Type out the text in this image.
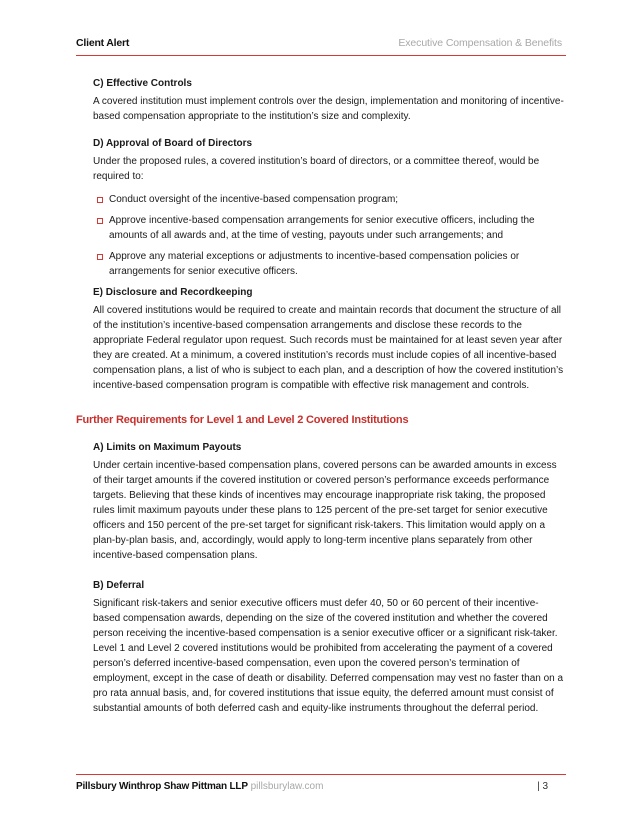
Client Alert	Executive Compensation & Benefits
C) Effective Controls

A covered institution must implement controls over the design, implementation and monitoring of incentive-based compensation appropriate to the institution’s size and complexity.

D) Approval of Board of Directors

Under the proposed rules, a covered institution’s board of directors, or a committee thereof, would be required to:

Conduct oversight of the incentive-based compensation program;
Approve incentive-based compensation arrangements for senior executive officers, including the amounts of all awards and, at the time of vesting, payouts under such arrangements; and
Approve any material exceptions or adjustments to incentive-based compensation policies or arrangements for senior executive officers.
E) Disclosure and Recordkeeping

All covered institutions would be required to create and maintain records that document the structure of all of the institution’s incentive-based compensation arrangements and disclose these records to the appropriate Federal regulator upon request. Such records must be maintained for at least seven year after they are created. At a minimum, a covered institution’s records must include copies of all incentive-based compensation plans, a list of who is subject to each plan, and a description of how the covered institution’s incentive-based compensation program is compatible with effective risk management and controls.

Further Requirements for Level 1 and Level 2 Covered Institutions
A) Limits on Maximum Payouts

Under certain incentive-based compensation plans, covered persons can be awarded amounts in excess of their target amounts if the covered institution or covered person’s performance exceeds performance targets. Believing that these kinds of incentives may encourage inappropriate risk taking, the proposed rules limit maximum payouts under these plans to 125 percent of the pre-set target for senior executive officers and 150 percent of the pre-set target for significant risk-takers. This limitation would apply on a plan-by-plan basis, and, accordingly, would apply to long-term incentive plans separately from other incentive-based compensation plans.

B) Deferral

Significant risk-takers and senior executive officers must defer 40, 50 or 60 percent of their incentive-based compensation awards, depending on the size of the covered institution and whether the covered person receiving the incentive-based compensation is a senior executive officer or a significant risk-taker. Level 1 and Level 2 covered institutions would be prohibited from accelerating the payment of a covered person’s deferred incentive-based compensation, even upon the covered person’s termination of employment, except in the case of death or disability. Deferred compensation may vest no faster than on a pro rata annual basis, and, for covered institutions that issue equity, the deferred amount must consist of substantial amounts of both deferred cash and equity-like instruments throughout the deferral period.

Pillsbury Winthrop Shaw Pittman LLP pillsburylaw.com	| 3
